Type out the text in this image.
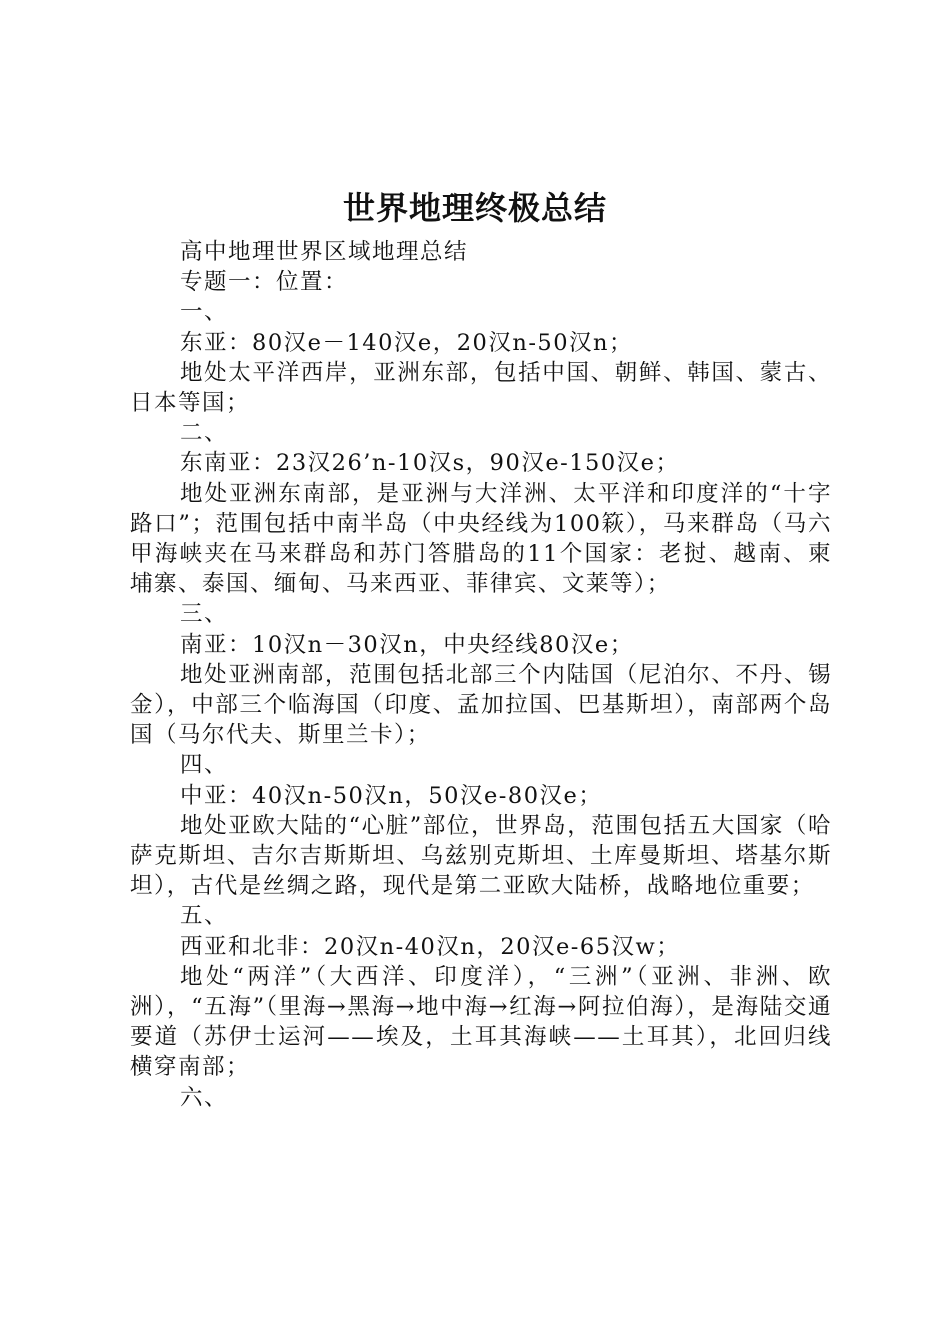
世界地理终极总结

高中地理世界区域地理总结

专题一：位置：

一、

东亚：80汉e－140汉e，20汉n-50汉n；

地处太平洋西岸，亚洲东部，包括中国、朝鲜、韩国、蒙古、日本等国；

二、

东南亚：23汉26’n-10汉s，90汉e-150汉e；

地处亚洲东南部，是亚洲与大洋洲、太平洋和印度洋的“十字路口”；范围包括中南半岛（中央经线为100篍），马来群岛（马六甲海峡夹在马来群岛和苏门答腊岛的11个国家：老挝、越南、柬埔寨、泰国、缅甸、马来西亚、菲律宾、文莱等）；

三、

南亚：10汉n－30汉n，中央经线80汉e；

地处亚洲南部，范围包括北部三个内陆国（尼泊尔、不丹、锡金），中部三个临海国（印度、孟加拉国、巴基斯坦），南部两个岛国（马尔代夫、斯里兰卡）；

四、

中亚：40汉n-50汉n，50汉e-80汉e；

地处亚欧大陆的“心脏”部位，世界岛，范围包括五大国家（哈萨克斯坦、吉尔吉斯斯坦、乌兹别克斯坦、土库曼斯坦、塔基尔斯坦），古代是丝绸之路，现代是第二亚欧大陆桥，战略地位重要；

五、

西亚和北非：20汉n-40汉n，20汉e-65汉w；

地处“两洋”（大西洋、印度洋），“三洲”（亚洲、非洲、欧洲），“五海”（里海→黑海→地中海→红海→阿拉伯海），是海陆交通要道（苏伊士运河——埃及，土耳其海峡——土耳其），北回归线横穿南部；

六、
